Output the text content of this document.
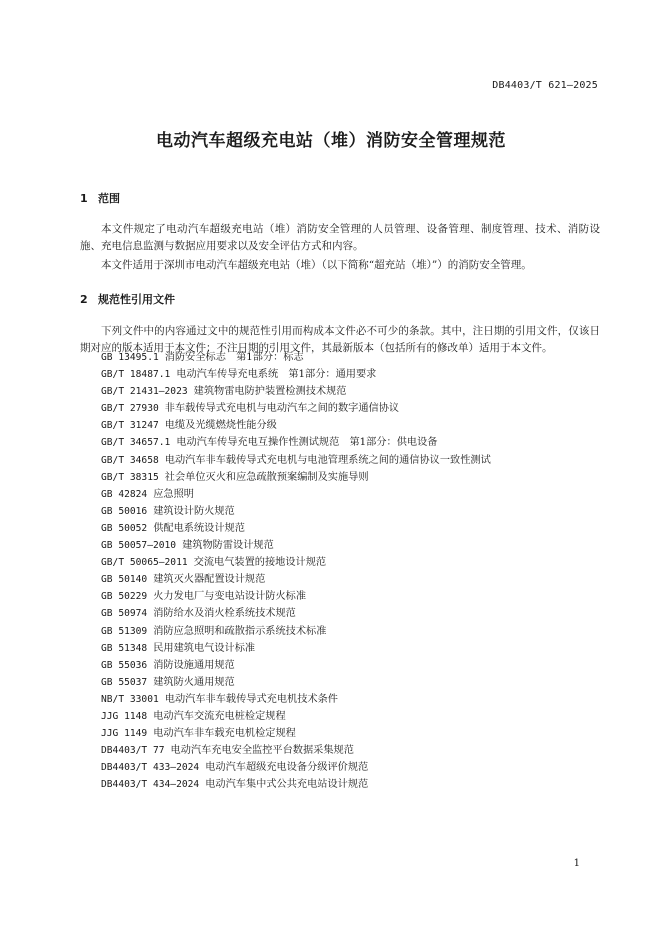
DB4403/T 621—2025
电动汽车超级充电站（堆）消防安全管理规范
1 范围

本文件规定了电动汽车超级充电站（堆）消防安全管理的人员管理、设备管理、制度管理、技术、消防设施、充电信息监测与数据应用要求以及安全评估方式和内容。

本文件适用于深圳市电动汽车超级充电站（堆）（以下简称“超充站（堆）”）的消防安全管理。

2 规范性引用文件

下列文件中的内容通过文中的规范性引用而构成本文件必不可少的条款。其中，注日期的引用文件，仅该日期对应的版本适用于本文件；不注日期的引用文件，其最新版本（包括所有的修改单）适用于本文件。

GB 13495.1 消防安全标志　第1部分：标志
GB/T 18487.1 电动汽车传导充电系统　第1部分：通用要求
GB/T 21431—2023 建筑物雷电防护装置检测技术规范
GB/T 27930 非车载传导式充电机与电动汽车之间的数字通信协议
GB/T 31247 电缆及光缆燃烧性能分级
GB/T 34657.1 电动汽车传导充电互操作性测试规范　第1部分：供电设备
GB/T 34658 电动汽车非车载传导式充电机与电池管理系统之间的通信协议一致性测试
GB/T 38315 社会单位灭火和应急疏散预案编制及实施导则
GB 42824 应急照明
GB 50016 建筑设计防火规范
GB 50052 供配电系统设计规范
GB 50057—2010 建筑物防雷设计规范
GB/T 50065—2011 交流电气装置的接地设计规范
GB 50140 建筑灭火器配置设计规范
GB 50229 火力发电厂与变电站设计防火标准
GB 50974 消防给水及消火栓系统技术规范
GB 51309 消防应急照明和疏散指示系统技术标准
GB 51348 民用建筑电气设计标准
GB 55036 消防设施通用规范
GB 55037 建筑防火通用规范
NB/T 33001 电动汽车非车载传导式充电机技术条件
JJG 1148 电动汽车交流充电桩检定规程
JJG 1149 电动汽车非车载充电机检定规程
DB4403/T 77 电动汽车充电安全监控平台数据采集规范
DB4403/T 433—2024 电动汽车超级充电设备分级评价规范
DB4403/T 434—2024 电动汽车集中式公共充电站设计规范
1
